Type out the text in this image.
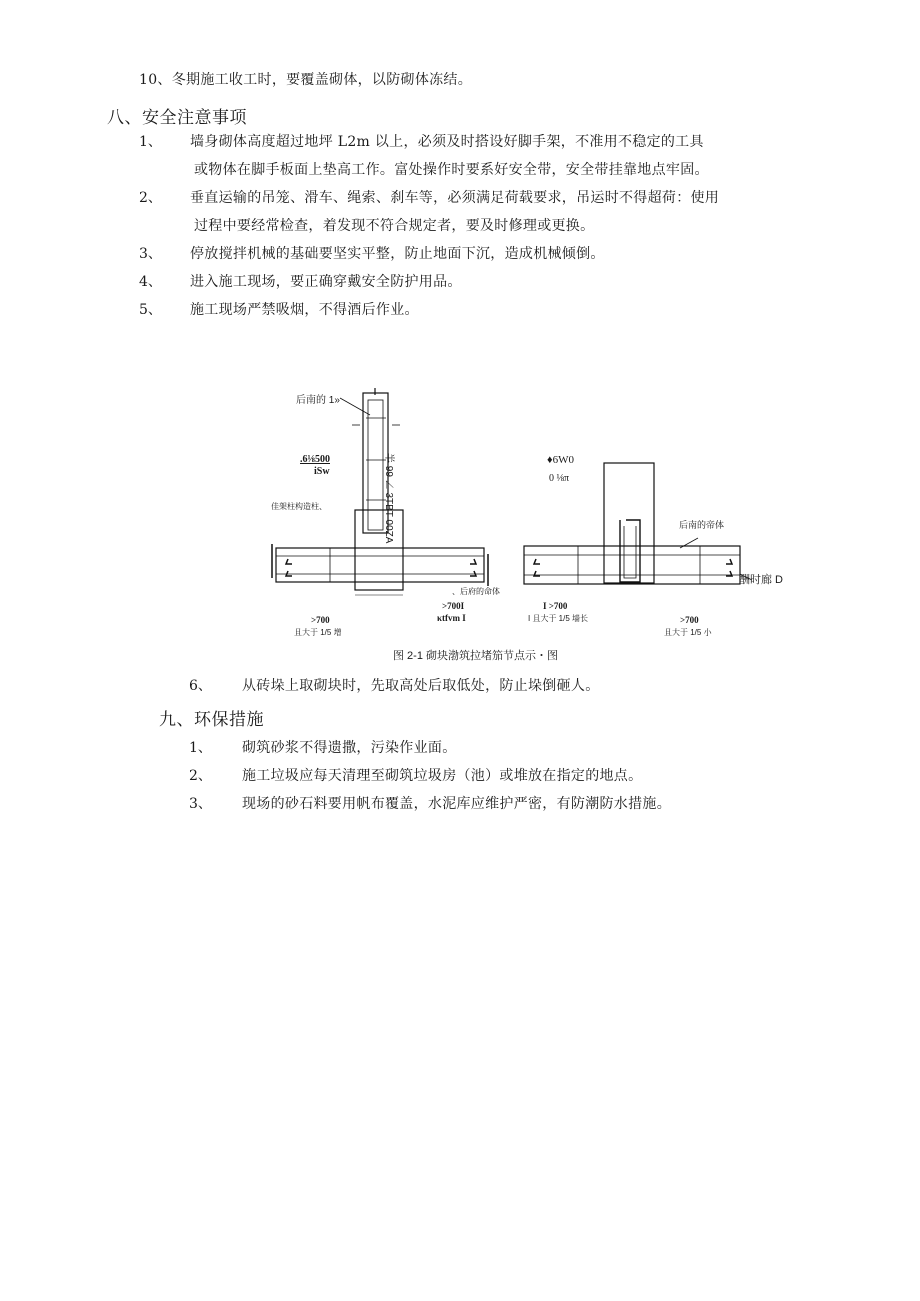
10、冬期施工收工时，要覆盖砌体，以防砌体冻结。
八、安全注意事项
1、 墙身砌体高度超过地坪 L2m 以上，必须及时搭设好脚手架，不准用不稳定的工具
或物体在脚手板面上垫高工作。富处操作时要系好安全带，安全带挂靠地点牢固。
2、 垂直运输的吊笼、滑车、绳索、刹车等，必须满足荷载要求，吊运时不得超荷：使用
过程中要经常检查，着发现不符合规定者，要及时修理或更换。
3、 停放搅拌机械的基础要坚实平整，防止地面下沉，造成机械倾倒。
4、 进入施工现场，要正确穿戴安全防护用品。
5、 施工现场严禁吸烟，不得酒后作业。
后南的 1»
.6⅛500
iSw
佳架柱构造柱、	半 99 ∠ 3TBT 00ZA
、后府的命体
>700I
κtfvm I
>700
且大于 1/5 增
♦6W0
0 ⅛π
后南的帝体
酬时廊 D
I >700
I 且大于 1/5 墙长	>700
且大于 1/5 小
图 2-1 砌块渤筑拉堵笳节点示・图
6、 从砖垛上取砌块时，先取高处后取低处，防止垛倒砸人。
九、环保措施
1、 砌筑砂浆不得遗撒，污染作业面。
2、 施工垃圾应每天清理至砌筑垃圾房（池）或堆放在指定的地点。
3、 现场的砂石料要用帆布覆盖，水泥库应维护严密，有防潮防水措施。
